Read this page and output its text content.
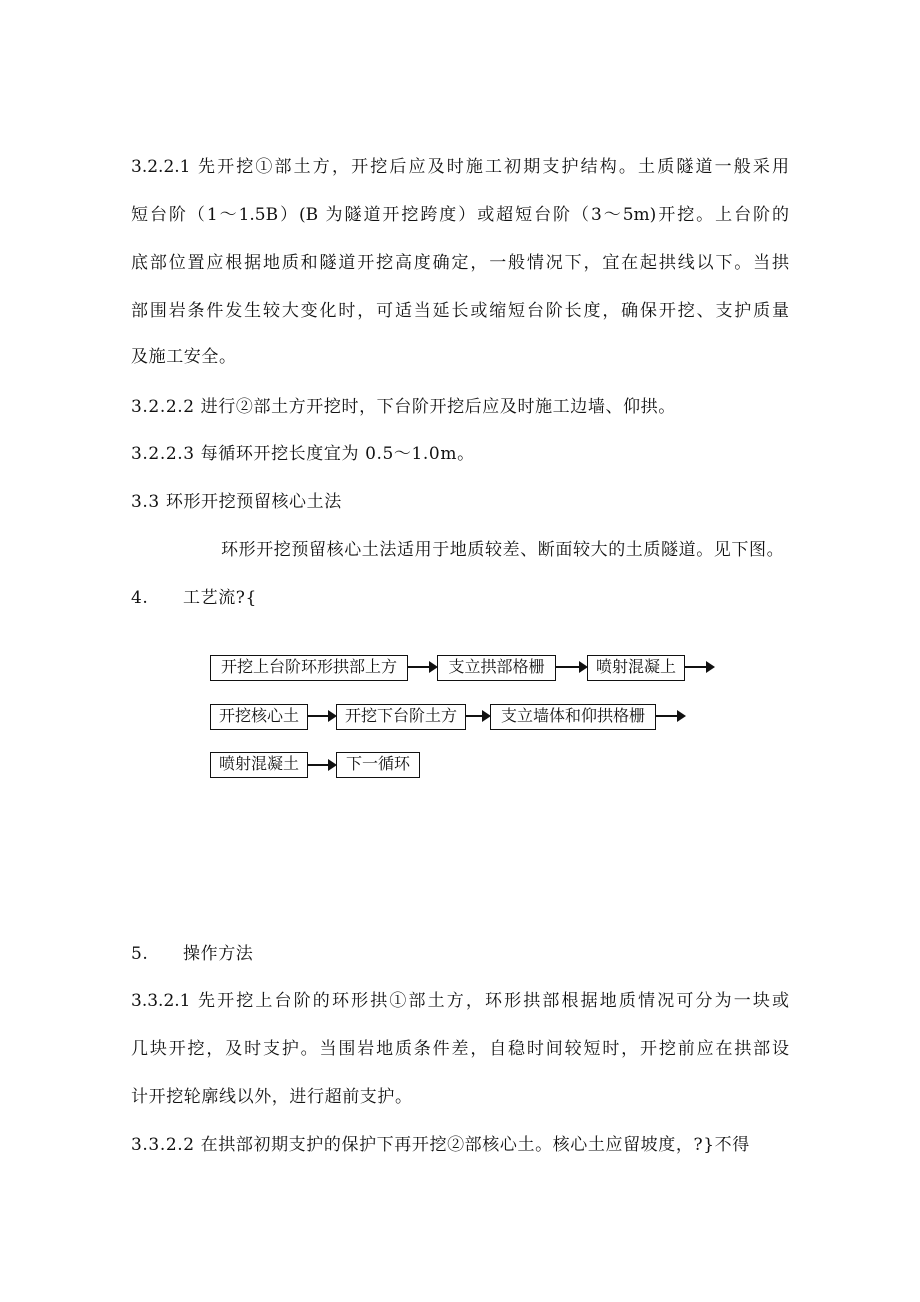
3.2.2.1 先开挖①部土方，开挖后应及时施工初期支护结构。土质隧道一般采用
短台阶（1～1.5B）(B 为隧道开挖跨度）或超短台阶（3～5m)开挖。上台阶的
底部位置应根据地质和隧道开挖高度确定，一般情况下，宜在起拱线以下。当拱
部围岩条件发生较大变化时，可适当延长或缩短台阶长度，确保开挖、支护质量
及施工安全。
3.2.2.2 进行②部土方开挖时，下台阶开挖后应及时施工边墙、仰拱。
3.2.2.3 每循环开挖长度宜为 0.5～1.0m。
3.3 环形开挖预留核心土法
环形开挖预留核心土法适用于地质较差、断面较大的土质隧道。见下图。
4. 工艺流?{
开挖上台阶环形拱部上方	支立拱部格栅	喷射混凝上
开挖核心土	开挖下台阶土方	支立墙体和仰拱格栅
喷射混凝土	下一循环
5. 操作方法
3.3.2.1 先开挖上台阶的环形拱①部土方，环形拱部根据地质情况可分为一块或
几块开挖，及时支护。当围岩地质条件差，自稳时间较短时，开挖前应在拱部设
计开挖轮廓线以外，进行超前支护。
3.3.2.2 在拱部初期支护的保护下再开挖②部核心土。核心土应留坡度，?}不得
